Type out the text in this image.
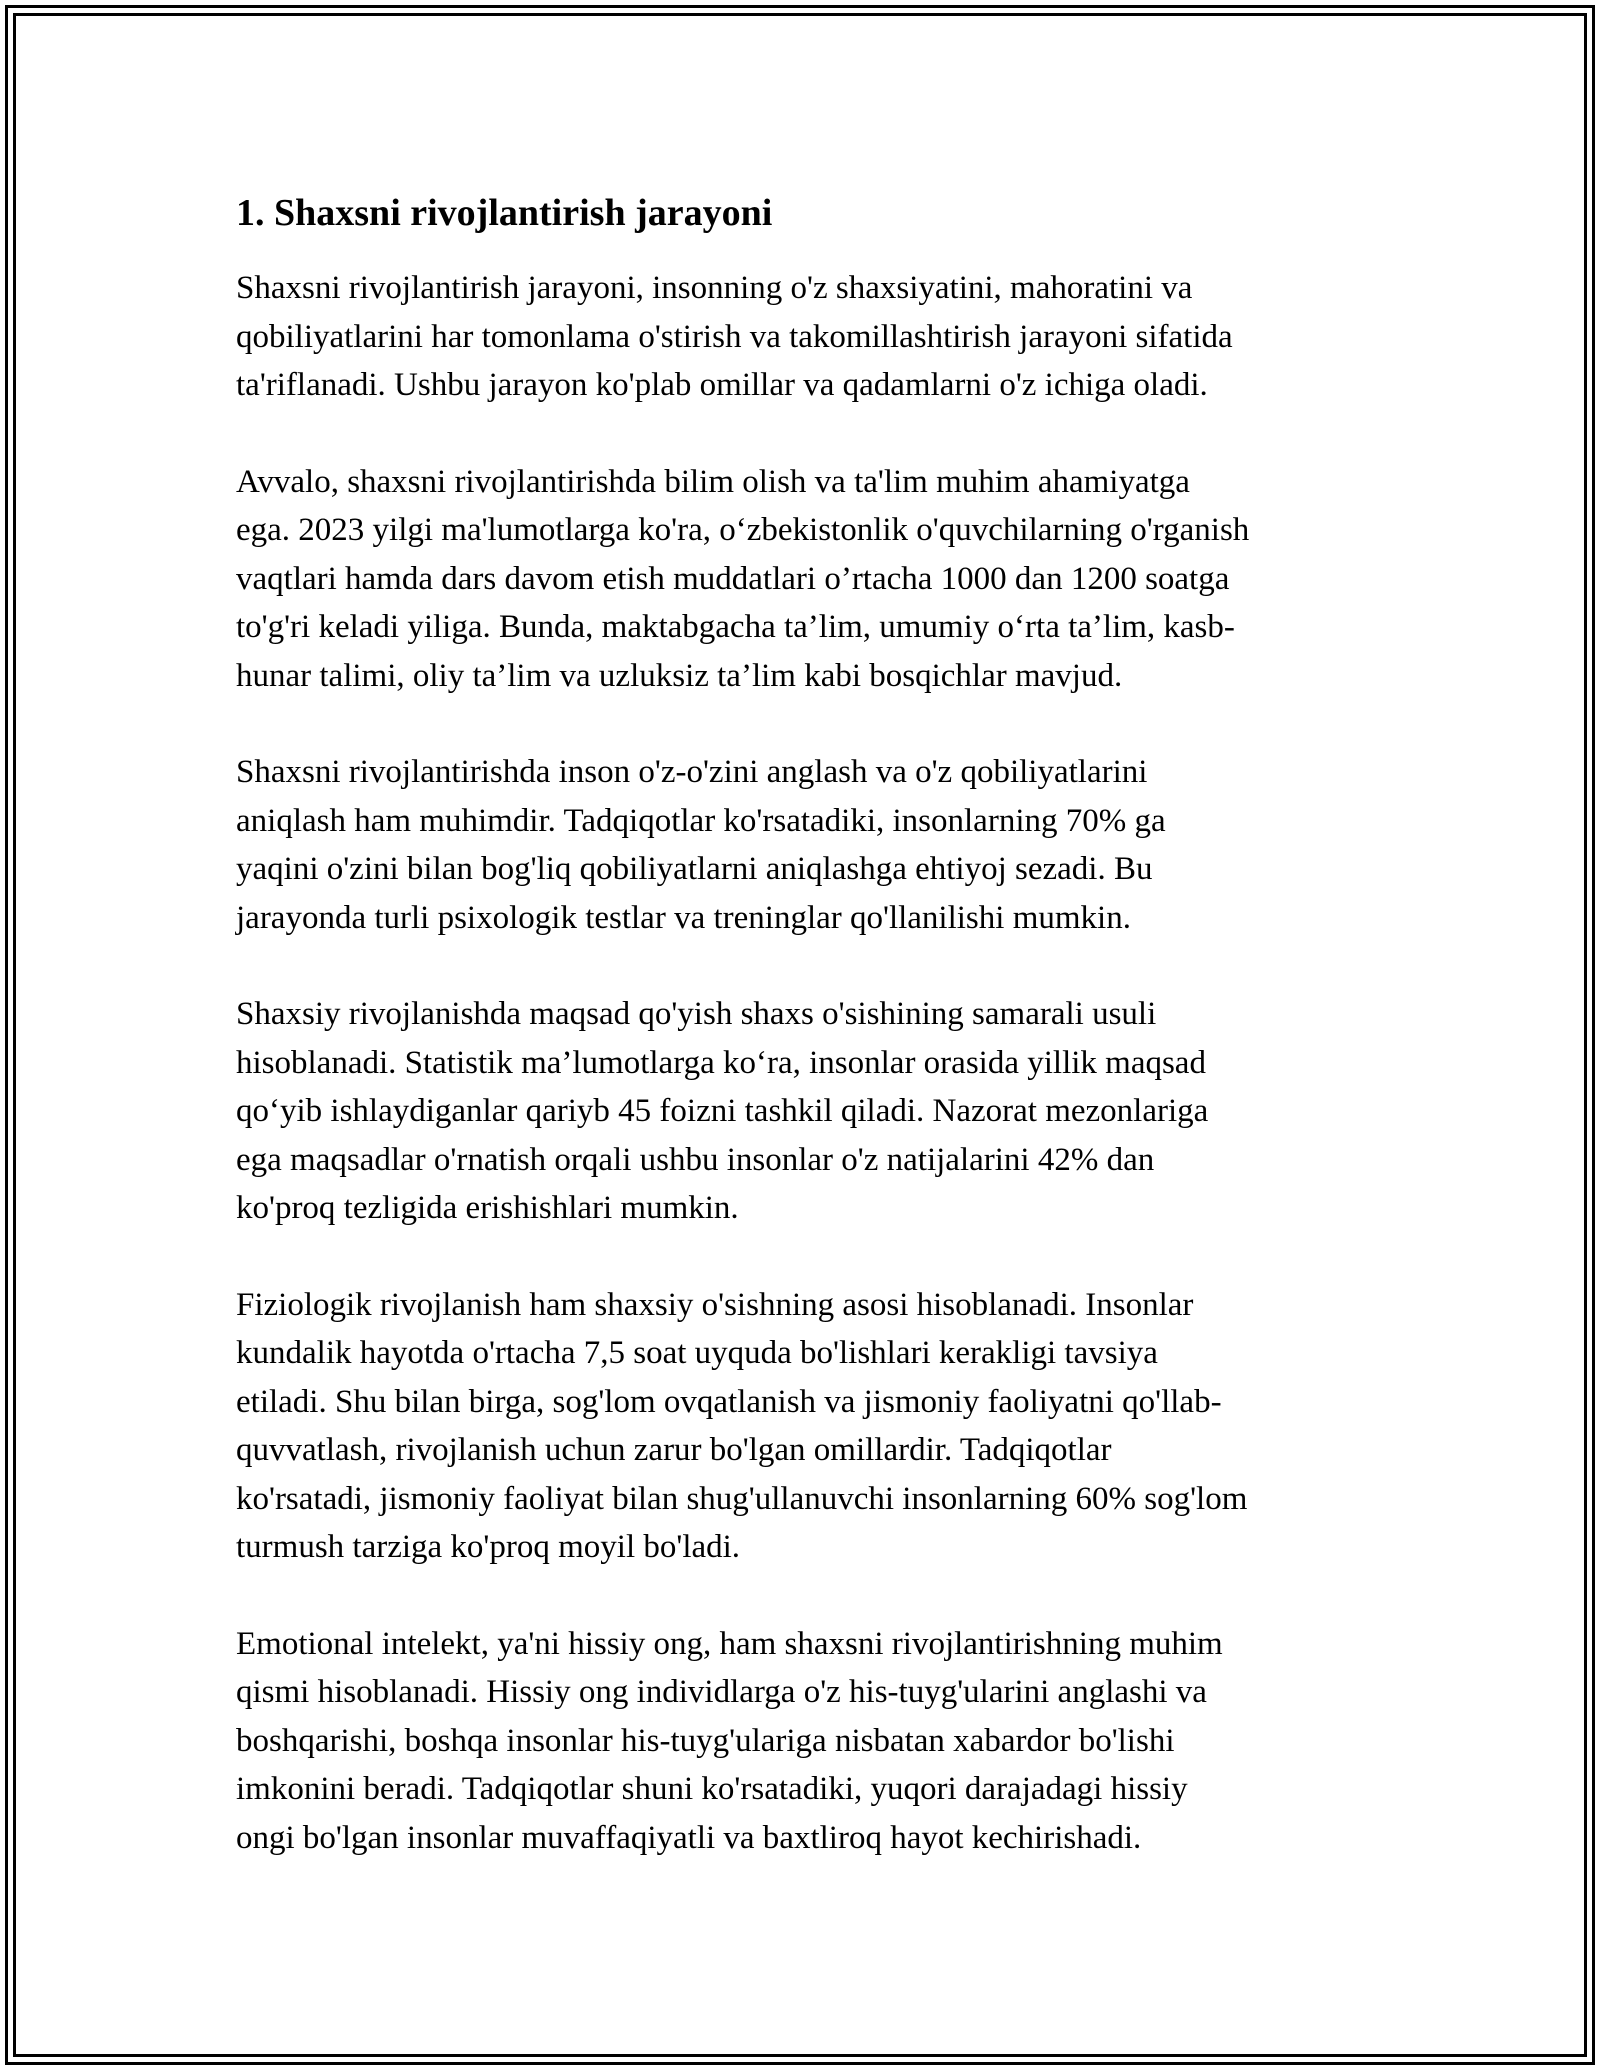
1. Shaxsni rivojlantirish jarayoni

Shaxsni rivojlantirish jarayoni, insonning o'z shaxsiyatini, mahoratini va
qobiliyatlarini har tomonlama o'stirish va takomillashtirish jarayoni sifatida
ta'riflanadi. Ushbu jarayon ko'plab omillar va qadamlarni o'z ichiga oladi.

Avvalo, shaxsni rivojlantirishda bilim olish va ta'lim muhim ahamiyatga
ega. 2023 yilgi ma'lumotlarga ko'ra, o‘zbekistonlik o'quvchilarning o'rganish
vaqtlari hamda dars davom etish muddatlari o’rtacha 1000 dan 1200 soatga
to'g'ri keladi yiliga. Bunda, maktabgacha ta’lim, umumiy o‘rta ta’lim, kasb-
hunar talimi, oliy ta’lim va uzluksiz ta’lim kabi bosqichlar mavjud.

Shaxsni rivojlantirishda inson o'z-o'zini anglash va o'z qobiliyatlarini
aniqlash ham muhimdir. Tadqiqotlar ko'rsatadiki, insonlarning 70% ga
yaqini o'zini bilan bog'liq qobiliyatlarni aniqlashga ehtiyoj sezadi. Bu
jarayonda turli psixologik testlar va treninglar qo'llanilishi mumkin.

Shaxsiy rivojlanishda maqsad qo'yish shaxs o'sishining samarali usuli
hisoblanadi. Statistik ma’lumotlarga ko‘ra, insonlar orasida yillik maqsad
qo‘yib ishlaydiganlar qariyb 45 foizni tashkil qiladi. Nazorat mezonlariga
ega maqsadlar o'rnatish orqali ushbu insonlar o'z natijalarini 42% dan
ko'proq tezligida erishishlari mumkin.

Fiziologik rivojlanish ham shaxsiy o'sishning asosi hisoblanadi. Insonlar
kundalik hayotda o'rtacha 7,5 soat uyquda bo'lishlari kerakligi tavsiya
etiladi. Shu bilan birga, sog'lom ovqatlanish va jismoniy faoliyatni qo'llab-
quvvatlash, rivojlanish uchun zarur bo'lgan omillardir. Tadqiqotlar
ko'rsatadi, jismoniy faoliyat bilan shug'ullanuvchi insonlarning 60% sog'lom
turmush tarziga ko'proq moyil bo'ladi.

Emotional intelekt, ya'ni hissiy ong, ham shaxsni rivojlantirishning muhim
qismi hisoblanadi. Hissiy ong individlarga o'z his-tuyg'ularini anglashi va
boshqarishi, boshqa insonlar his-tuyg'ulariga nisbatan xabardor bo'lishi
imkonini beradi. Tadqiqotlar shuni ko'rsatadiki, yuqori darajadagi hissiy
ongi bo'lgan insonlar muvaffaqiyatli va baxtliroq hayot kechirishadi.
